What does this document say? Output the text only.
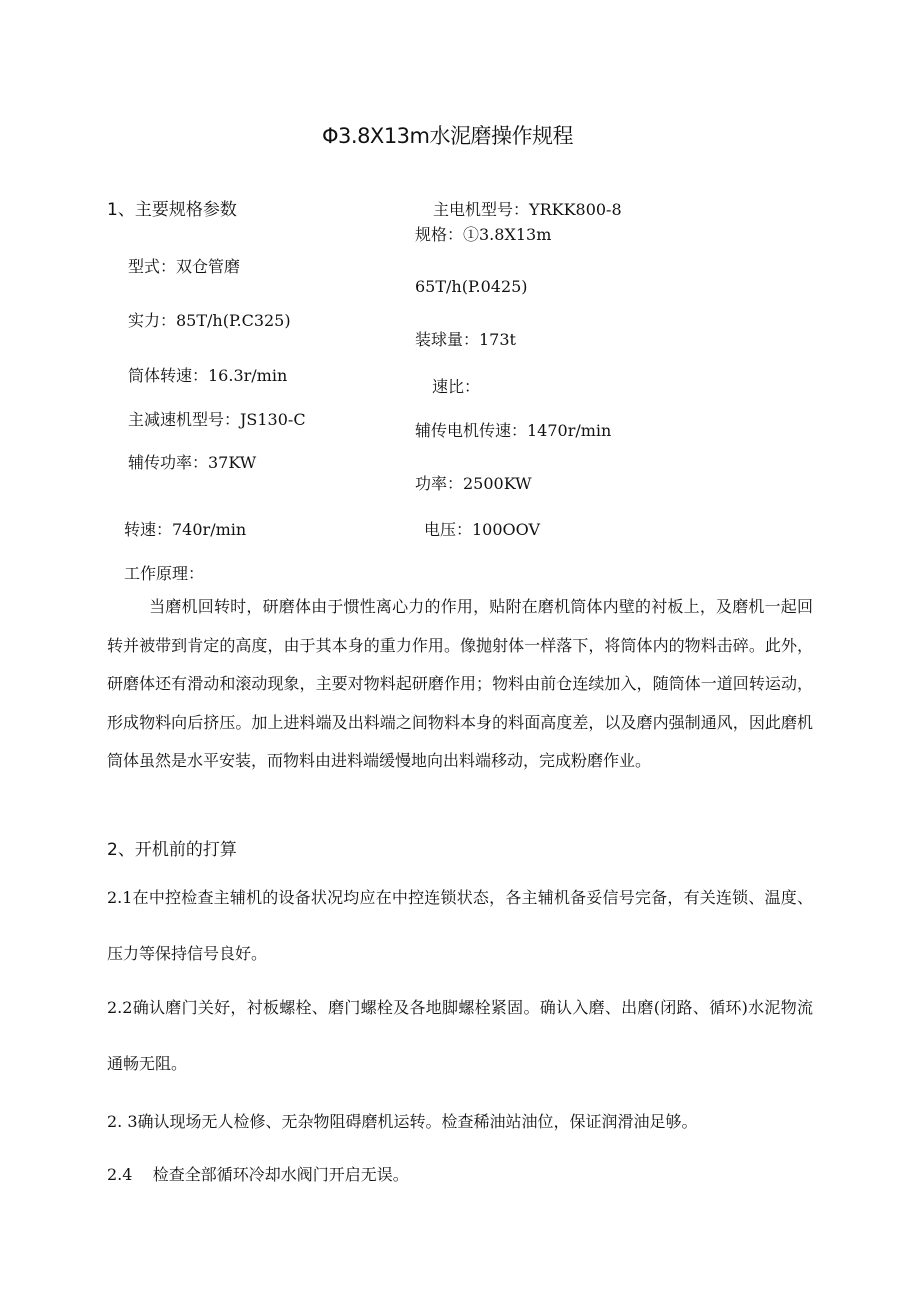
Φ3.8X13m水泥磨操作规程
1、主要规格参数
型式：双仓管磨
实力：85T/h(P.C325)
筒体转速：16.3r/min
主减速机型号：JS130-C
辅传功率：37KW
转速：740r/min
主电机型号：YRKK800-8
规格：①3.8X13m
65T/h(P.0425)
装球量：173t
速比：
辅传电机传速：1470r/min
功率：2500KW
电压：100OOV
工作原理：

当磨机回转时，研磨体由于惯性离心力的作用，贴附在磨机筒体内壁的衬板上，及磨机一起回转并被带到肯定的高度，由于其本身的重力作用。像抛射体一样落下，将筒体内的物料击碎。此外，研磨体还有滑动和滚动现象，主要对物料起研磨作用；物料由前仓连续加入，随筒体一道回转运动，形成物料向后挤压。加上进料端及出料端之间物料本身的料面高度差，以及磨内强制通风，因此磨机筒体虽然是水平安装，而物料由进料端缓慢地向出料端移动，完成粉磨作业。

2、开机前的打算

2.1在中控检查主辅机的设备状况均应在中控连锁状态，各主辅机备妥信号完备，有关连锁、温度、压力等保持信号良好。

2.2确认磨门关好，衬板螺栓、磨门螺栓及各地脚螺栓紧固。确认入磨、出磨(闭路、循环)水泥物流通畅无阻。

2. 3确认现场无人检修、无杂物阻碍磨机运转。检查稀油站油位，保证润滑油足够。

2.4    检查全部循环冷却水阀门开启无误。
